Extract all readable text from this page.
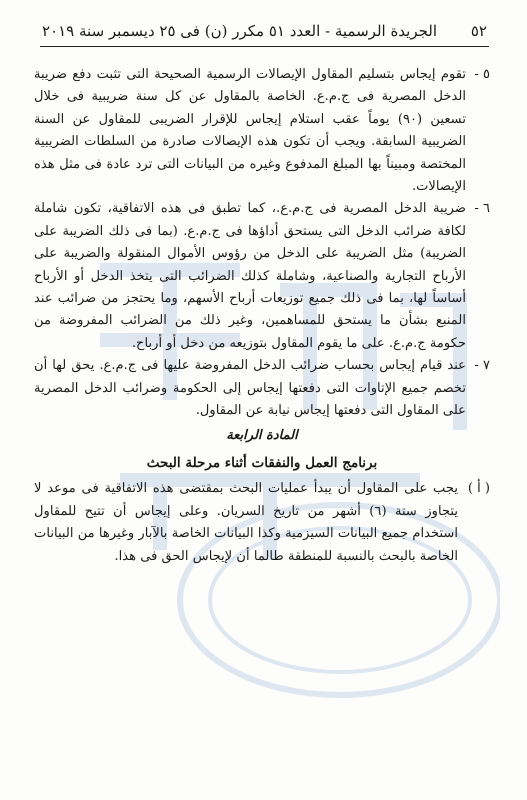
الجريدة الرسمية - العدد ٥١ مكرر (ن) فى ٢٥ ديسمبر سنة ٢٠١٩ ٥٢

٥ -
تقوم إيجاس بتسليم المقاول الإيصالات الرسمية الصحيحة التى تثبت دفع ضريبة الدخل المصرية فى ج.م.ع. الخاصة بالمقاول عن كل سنة ضريبية فى خلال تسعين (٩٠) يوماً عقب استلام إيجاس للإقرار الضريبى للمقاول عن السنة الضريبية السابقة. ويجب أن تكون هذه الإيصالات صادرة من السلطات الضريبية المختصة ومبيناً بها المبلغ المدفوع وغيره من البيانات التى ترد عادة فى مثل هذه الإيصالات.

٦ -
ضريبة الدخل المصرية فى ج.م.ع.، كما تطبق فى هذه الاتفاقية، تكون شاملة لكافة ضرائب الدخل التى يستحق أداؤها فى ج.م.ع. (بما فى ذلك الضريبة على الضريبة) مثل الضريبة على الدخل من رؤوس الأموال المنقولة والضريبة على الأرباح التجارية والصناعية، وشاملة كذلك الضرائب التى يتخذ الدخل أو الأرباح أساساً لها، بما فى ذلك جميع توزيعات أرباح الأسهم، وما يحتجز من ضرائب عند المنبع بشأن ما يستحق للمساهمين، وغير ذلك من الضرائب المفروضة من حكومة ج.م.ع. على ما يقوم المقاول بتوزيعه من دخل أو أرباح.

٧ -
عند قيام إيجاس بحساب ضرائب الدخل المفروضة عليها فى ج.م.ع. يحق لها أن تخصم جميع الإتاوات التى دفعتها إيجاس إلى الحكومة وضرائب الدخل المصرية على المقاول التى دفعتها إيجاس نيابة عن المقاول.

المادة الرابعة
برنامج العمل والنفقات أثناء مرحلة البحث

( أ )
يجب على المقاول أن يبدأ عمليات البحث بمقتضى هذه الاتفاقية فى موعد لا يتجاوز ستة (٦) أشهر من تاريخ السريان. وعلى إيجاس أن تتيح للمقاول استخدام جميع البيانات السيزمية وكذا البيانات الخاصة بالآبار وغيرها من البيانات الخاصة بالبحث بالنسبة للمنطقة طالما أن لإيجاس الحق فى هذا.
